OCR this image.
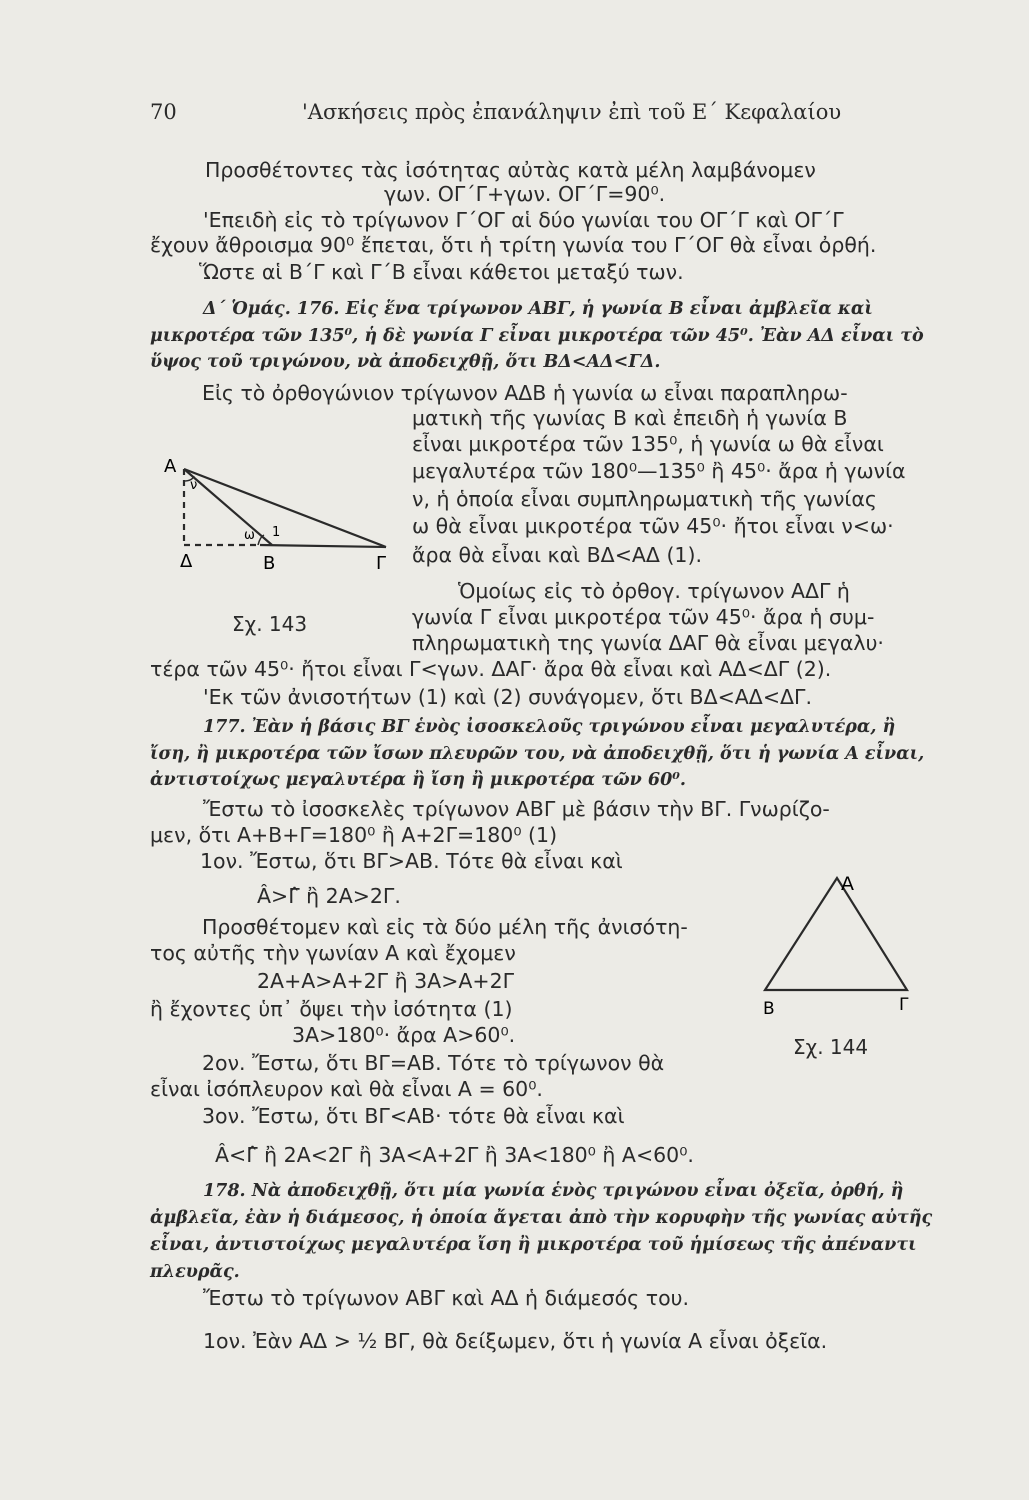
70	'Ασκήσεις πρὸς ἐπανάληψιν ἐπὶ τοῦ Ε΄ Κεφαλαίου
Προσθέτοντες τὰς ἰσότητας αὐτὰς κατὰ μέλη λαμβάνομεν
γων. ΟΓ΄Γ+γων. ΟΓ΄Γ=90⁰.
'Επειδὴ εἰς τὸ τρίγωνον Γ΄ΟΓ αἱ δύο γωνίαι του ΟΓ΄Γ καὶ ΟΓ΄Γ
ἔχουν ἄθροισμα 90⁰ ἔπεται, ὅτι ἡ τρίτη γωνία του Γ΄ΟΓ θὰ εἶναι ὀρθή.
Ὥστε αἱ Β΄Γ καὶ Γ΄Β εἶναι κάθετοι μεταξύ των.
Δ΄ Ὁμάς. 176. Εἰς ἕνα τρίγωνον ΑΒΓ, ἡ γωνία Β εἶναι ἀμβλεῖα καὶ
μικροτέρα τῶν 135⁰, ἡ δὲ γωνία Γ εἶναι μικροτέρα τῶν 45⁰. Ἐὰν ΑΔ εἶναι τὸ
ὕψος τοῦ τριγώνου, νὰ ἀποδειχθῇ, ὅτι ΒΔ<ΑΔ<ΓΔ.
Εἰς τὸ ὀρθογώνιον τρίγωνον ΑΔΒ ἡ γωνία ω εἶναι παραπληρω-
ματικὴ τῆς γωνίας Β καὶ ἐπειδὴ ἡ γωνία Β
εἶναι μικροτέρα τῶν 135⁰, ἡ γωνία ω θὰ εἶναι
μεγαλυτέρα τῶν 180⁰—135⁰ ἢ 45⁰· ἄρα ἡ γωνία
ν, ἡ ὁποία εἶναι συμπληρωματικὴ τῆς γωνίας
ω θὰ εἶναι μικροτέρα τῶν 45⁰· ἤτοι εἶναι ν<ω·
ἄρα θὰ εἶναι καὶ ΒΔ<ΑΔ (1).
Ὁμοίως εἰς τὸ ὀρθογ. τρίγωνον ΑΔΓ ἡ
γωνία Γ εἶναι μικροτέρα τῶν 45⁰· ἄρα ἡ συμ-
πληρωματικὴ της γωνία ΔΑΓ θὰ εἶναι μεγαλυ·
τέρα τῶν 45⁰· ἤτοι εἶναι Γ<γων. ΔΑΓ· ἄρα θὰ εἶναι καὶ ΑΔ<ΔΓ (2).
'Εκ τῶν ἀνισοτήτων (1) καὶ (2) συνάγομεν, ὅτι ΒΔ<ΑΔ<ΔΓ.
A
Δ	B	Γ
ν
ω 1
Σχ. 143
177. Ἐὰν ἡ βάσις ΒΓ ἑνὸς ἰσοσκελοῦς τριγώνου εἶναι μεγαλυτέρα, ἢ
ἴση, ἢ μικροτέρα τῶν ἴσων πλευρῶν του, νὰ ἀποδειχθῇ, ὅτι ἡ γωνία Α εἶναι,
ἀντιστοίχως μεγαλυτέρα ἢ ἴση ἢ μικροτέρα τῶν 60⁰.
Ἔστω τὸ ἰσοσκελὲς τρίγωνον ΑΒΓ μὲ βάσιν τὴν ΒΓ. Γνωρίζο-
μεν, ὅτι Α+Β+Γ=180⁰ ἢ Α+2Γ=180⁰ (1)
1ον. Ἔστω, ὅτι ΒΓ>ΑΒ. Τότε θὰ εἶναι καὶ
Â>Γ̂ ἢ 2Α>2Γ.
Προσθέτομεν καὶ εἰς τὰ δύο μέλη τῆς ἀνισότη-
τος αὐτῆς τὴν γωνίαν Α καὶ ἔχομεν
2Α+Α>Α+2Γ ἢ 3Α>Α+2Γ
ἢ ἔχοντες ὑπ᾿ ὄψει τὴν ἰσότητα (1)
3Α>180⁰· ἄρα Α>60⁰.
2ον. Ἔστω, ὅτι ΒΓ=ΑΒ. Τότε τὸ τρίγωνον θὰ
εἶναι ἰσόπλευρον καὶ θὰ εἶναι Α = 60⁰.
3ον. Ἔστω, ὅτι ΒΓ<ΑΒ· τότε θὰ εἶναι καὶ
Â<Γ̂ ἢ 2Α<2Γ ἢ 3Α<Α+2Γ ἢ 3Α<180⁰ ἢ Α<60⁰.
A
B	Γ
Σχ. 144
178. Νὰ ἀποδειχθῇ, ὅτι μία γωνία ἑνὸς τριγώνου εἶναι ὀξεῖα, ὀρθή, ἢ
ἀμβλεῖα, ἐὰν ἡ διάμεσος, ἡ ὁποία ἄγεται ἀπὸ τὴν κορυφὴν τῆς γωνίας αὐτῆς
εἶναι, ἀντιστοίχως μεγαλυτέρα ἴση ἢ μικροτέρα τοῦ ἡμίσεως τῆς ἀπέναντι
πλευρᾶς.
Ἔστω τὸ τρίγωνον ΑΒΓ καὶ ΑΔ ἡ διάμεσός του.
1ον. Ἐὰν ΑΔ > ½ ΒΓ, θὰ δείξωμεν, ὅτι ἡ γωνία Α εἶναι ὀξεῖα.
